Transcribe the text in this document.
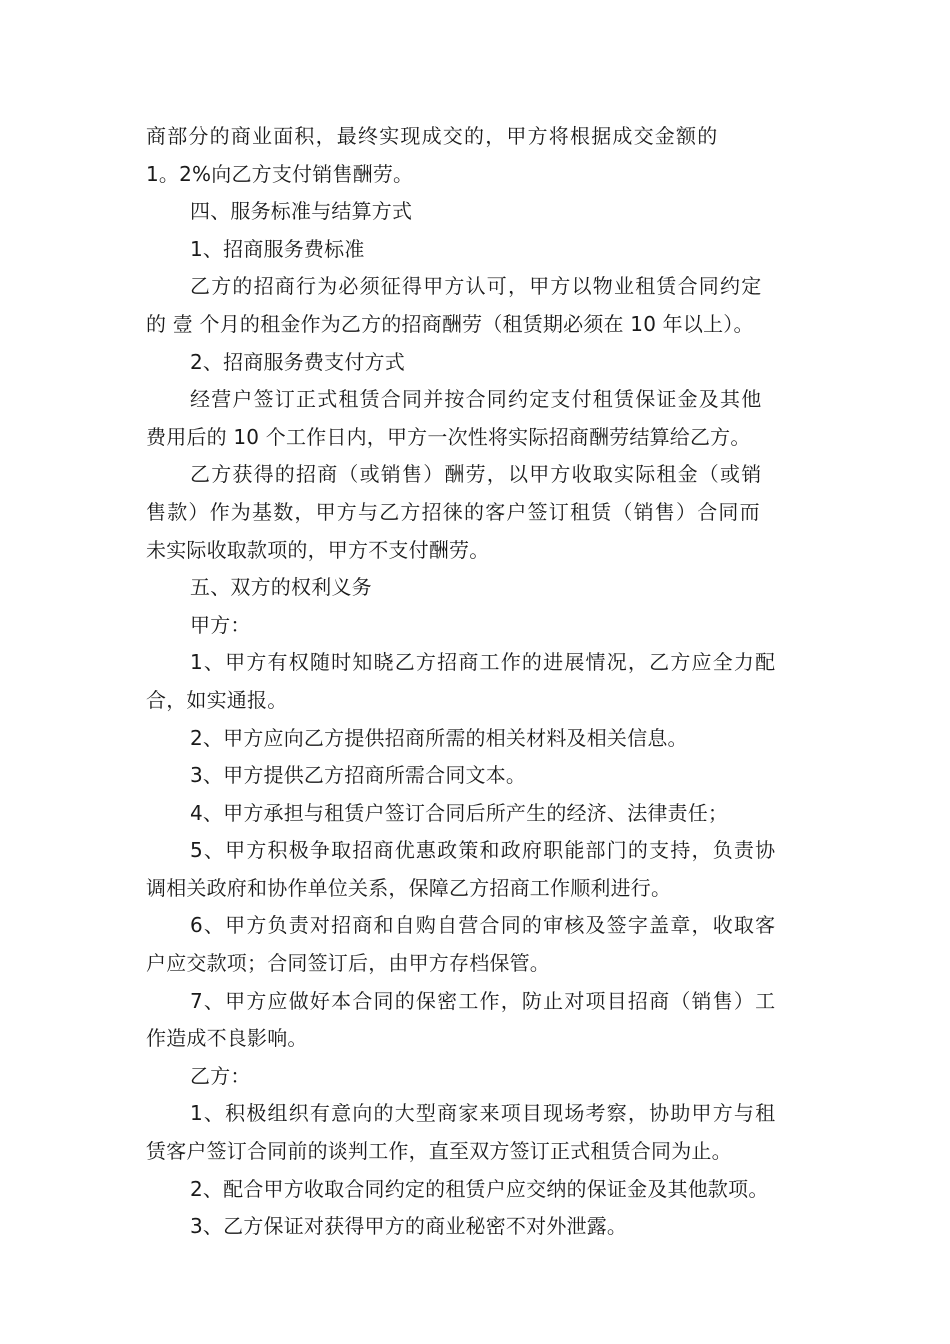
商部分的商业面积，最终实现成交的，甲方将根据成交金额的
1。2%向乙方支付销售酬劳。
四、服务标准与结算方式
1、招商服务费标准
乙方的招商行为必须征得甲方认可，甲方以物业租赁合同约定
的 壹 个月的租金作为乙方的招商酬劳（租赁期必须在 10 年以上）。
2、招商服务费支付方式
经营户签订正式租赁合同并按合同约定支付租赁保证金及其他
费用后的 10 个工作日内，甲方一次性将实际招商酬劳结算给乙方。
乙方获得的招商（或销售）酬劳，以甲方收取实际租金（或销
售款）作为基数，甲方与乙方招徕的客户签订租赁（销售）合同而
未实际收取款项的，甲方不支付酬劳。
五、双方的权利义务
甲方：
1、甲方有权随时知晓乙方招商工作的进展情况，乙方应全力配
合，如实通报。
2、甲方应向乙方提供招商所需的相关材料及相关信息。
3、甲方提供乙方招商所需合同文本。
4、甲方承担与租赁户签订合同后所产生的经济、法律责任；
5、甲方积极争取招商优惠政策和政府职能部门的支持，负责协
调相关政府和协作单位关系，保障乙方招商工作顺利进行。
6、甲方负责对招商和自购自营合同的审核及签字盖章，收取客
户应交款项；合同签订后，由甲方存档保管。
7、甲方应做好本合同的保密工作，防止对项目招商（销售）工
作造成不良影响。
乙方：
1、积极组织有意向的大型商家来项目现场考察，协助甲方与租
赁客户签订合同前的谈判工作，直至双方签订正式租赁合同为止。
2、配合甲方收取合同约定的租赁户应交纳的保证金及其他款项。
3、乙方保证对获得甲方的商业秘密不对外泄露。
